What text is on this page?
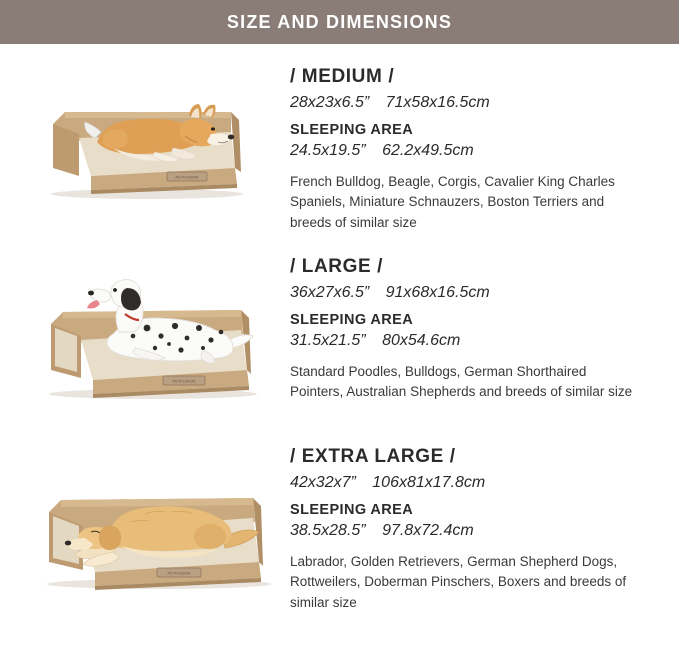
SIZE AND DIMENSIONS
PETFUSION

/ MEDIUM /

28x23x6.5” 71x58x16.5cm

SLEEPING AREA

24.5x19.5” 62.2x49.5cm

French Bulldog, Beagle, Corgis, Cavalier King Charles Spaniels, Miniature Schnauzers, Boston Terriers and breeds of similar size

PETFUSION

/ LARGE /

36x27x6.5” 91x68x16.5cm

SLEEPING AREA

31.5x21.5” 80x54.6cm

Standard Poodles, Bulldogs, German Shorthaired Pointers, Australian Shepherds and breeds of similar size

PETFUSION

/ EXTRA LARGE /

42x32x7” 106x81x17.8cm

SLEEPING AREA

38.5x28.5” 97.8x72.4cm

Labrador, Golden Retrievers, German Shepherd Dogs, Rottweilers, Doberman Pinschers, Boxers and breeds of similar size
